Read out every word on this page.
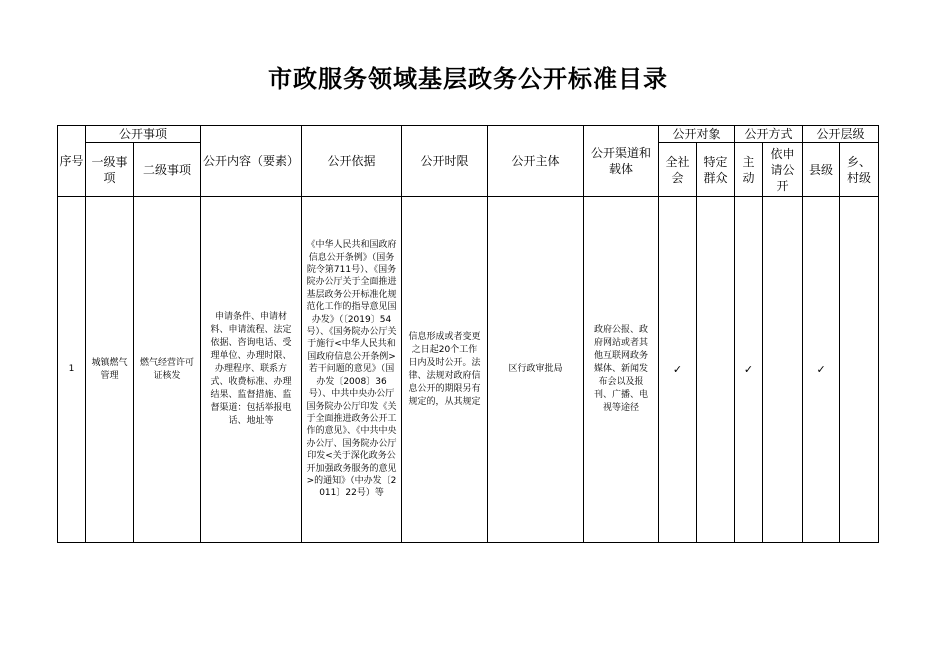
市政服务领域基层政务公开标准目录
序号	公开事项		公开内容（要素）	公开依据	公开时限	公开主体	公开渠道和载体	公开对象		公开方式		公开层级	
	一级事项	二级事项						全社会	特定群众	主动	依申请公开	县级	乡、村级
1	城镇燃气管理	燃气经营许可证核发	申请条件、申请材料、申请流程、法定依据、咨询电话、受理单位、办理时限、办理程序、联系方式、收费标准、办理结果、监督措施、监督渠道：包括举报电话、地址等	《中华人民共和国政府信息公开条例》（国务院令第711号）、《国务院办公厅关于全面推进基层政务公开标准化规范化工作的指导意见国办发》（〔2019〕54号）、《国务院办公厅关于施行<中华人民共和国政府信息公开条例>若干问题的意见》（国办发〔2008〕36号）、中共中央办公厅 国务院办公厅印发《关于全面推进政务公开工作的意见》、《中共中央办公厅、国务院办公厅印发<关于深化政务公开加强政务服务的意见>的通知》（中办发〔2011〕22号）等	信息形成或者变更之日起20个工作日内及时公开。法律、法规对政府信息公开的期限另有规定的，从其规定	区行政审批局	政府公报、政府网站或者其他互联网政务媒体、新闻发布会以及报刊、广播、电视等途径	✓		✓		✓	
